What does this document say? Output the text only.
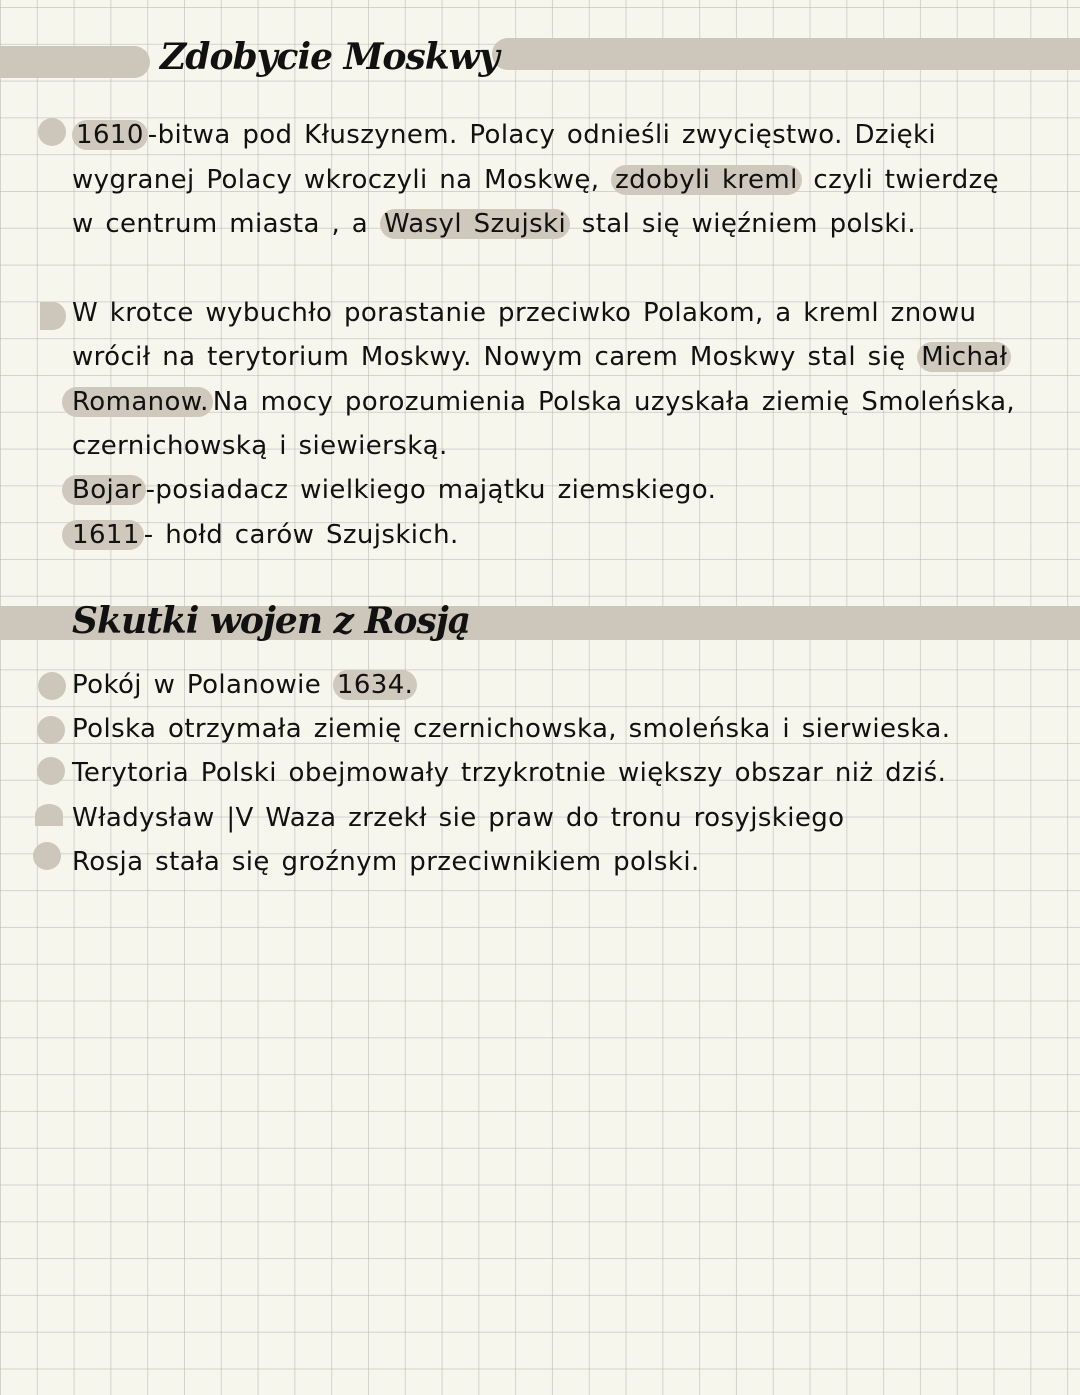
Zdobycie Moskwy
1610 -bitwa pod Kłuszynem. Polacy odnieśli zwycięstwo. Dzięki
wygranej Polacy wkroczyli na Moskwę, zdobyli kreml czyli twierdzę
w centrum miasta , a Wasyl Szujski stal się więźniem polski.
W krotce wybuchło porastanie przeciwko Polakom, a kreml znowu
wrócił na terytorium Moskwy. Nowym carem Moskwy stal się Michał
Romanow. Na mocy porozumienia Polska uzyskała ziemię Smoleńska,
czernichowską i siewierską.
Bojar -posiadacz wielkiego majątku ziemskiego.
1611 - hołd carów Szujskich.
Skutki wojen z Rosją
Pokój w Polanowie 1634.
Polska otrzymała ziemię czernichowska, smoleńska i sierwieska.
Terytoria Polski obejmowały trzykrotnie większy obszar niż dziś.
Władysław |V Waza zrzekł sie praw do tronu rosyjskiego
Rosja stała się groźnym przeciwnikiem polski.
